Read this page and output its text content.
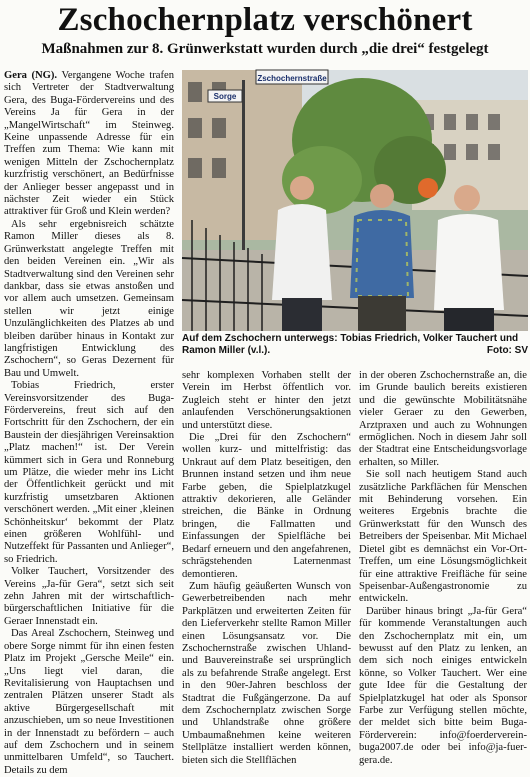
Zschochernplatz verschönert
Maßnahmen zur 8. Grünwerkstatt wurden durch „die drei“ festgelegt

Gera (NG). Vergangene Woche trafen sich Vertreter der Stadtverwaltung Gera, des Buga-Fördervereins und des Vereins Ja für Gera in der „MangelWirtschaft“ im Steinweg. Keine unpassende Adresse für ein Treffen zum Thema: Wie kann mit wenigen Mitteln der Zschochernplatz kurzfristig verschönert, an Bedürfnisse der Anlieger besser angepasst und in nächster Zeit wieder ein Stück attraktiver für Groß und Klein werden?

Als sehr ergebnisreich schätzte Ramon Miller dieses als 8. Grünwerkstatt angelegte Treffen mit den beiden Vereinen ein. „Wir als Stadtverwaltung sind den Vereinen sehr dankbar, dass sie etwas anstoßen und vor allem auch umsetzen. Gemeinsam stellen wir jetzt einige Unzulänglichkeiten des Platzes ab und bleiben darüber hinaus in Kontakt zur langfristigen Entwicklung des Zschochern“, so Geras Dezernent für Bau und Umwelt.

Tobias Friedrich, erster Vereinsvorsitzender des Buga-Fördervereins, freut sich auf den Fortschritt für den Zschochern, der ein Baustein der diesjährigen Vereinsaktion „Platz machen!“ ist. Der Verein kümmert sich in Gera und Ronneburg um Plätze, die wieder mehr ins Licht der Öffentlichkeit gerückt und mit kurzfristig umsetzbaren Aktionen verschönert werden. „Mit einer ‚kleinen Schönheitskur‘ bekommt der Platz einen größeren Wohlfühl- und Nutzeffekt für Passanten und Anlieger“, so Friedrich.

Volker Tauchert, Vorsitzender des Vereins „Ja-für Gera“, setzt sich seit zehn Jahren mit der wirtschaftlich-bürgerschaftlichen Initiative für die Geraer Innenstadt ein.

Das Areal Zschochern, Steinweg und obere Sorge nimmt für ihn einen festen Platz im Projekt „Gersche Meile“ ein. „Uns liegt viel daran, die Revitalisierung von Hauptachsen und zentralen Plätzen unserer Stadt als aktive Bürgergesellschaft mit anzuschieben, um so neue Investitionen in der Innenstadt zu befördern – auch auf dem Zschochern und in seinem unmittelbaren Umfeld“, so Tauchert. Details zu dem

Zschochernstraße
Sorge
Auf dem Zschochern unterwegs: Tobias Friedrich, Volker Tauchert und Ramon Miller (v.l.).	Foto: SV

sehr komplexen Vorhaben stellt der Verein im Herbst öffentlich vor. Zugleich steht er hinter den jetzt anlaufenden Verschönerungsaktionen und unterstützt diese.

Die „Drei für den Zschochern“ wollen kurz- und mittelfristig: das Unkraut auf dem Platz beseitigen, den Brunnen instand setzen und ihm neue Farbe geben, die Spielplatzkugel attraktiv dekorieren, alle Geländer streichen, die Bänke in Ordnung bringen, die Fallmatten und Einfassungen der Spielfläche bei Bedarf erneuern und den angefahrenen, schrägstehenden Laternenmast demontieren.

Zum häufig geäußerten Wunsch von Gewerbetreibenden nach mehr Parkplätzen und erweiterten Zeiten für den Lieferverkehr stellte Ramon Miller einen Lösungsansatz vor. Die Zschochernstraße zwischen Uhland- und Bauvereinstraße sei ursprünglich als zu befahrende Straße angelegt. Erst in den 90er-Jahren beschloss der Stadtrat die Fußgängerzone. Da auf dem Zschochernplatz zwischen Sorge und Uhlandstraße ohne größere Umbaumaßnehmen keine weiteren Stellplätze installiert werden können, bieten sich die Stellflächen

in der oberen Zschochernstraße an, die im Grunde baulich bereits existieren und die gewünschte Mobilitätsnähe vieler Geraer zu den Gewerben, Arztpraxen und auch zu Wohnungen ermöglichen. Noch in diesem Jahr soll der Stadtrat eine Entscheidungsvorlage erhalten, so Miller.

Sie soll nach heutigem Stand auch zusätzliche Parkflächen für Menschen mit Behinderung vorsehen. Ein weiteres Ergebnis brachte die Grünwerkstatt für den Wunsch des Betreibers der Speisenbar. Mit Michael Dietel gibt es demnächst ein Vor-Ort-Treffen, um eine Lösungsmöglichkeit für eine attraktive Freifläche für seine Speisenbar-Außengastronomie zu entwickeln.

Darüber hinaus bringt „Ja-für Gera“ für kommende Veranstaltungen auch den Zschochernplatz mit ein, um bewusst auf den Platz zu lenken, an dem sich noch einiges entwickeln könne, so Volker Tauchert. Wer eine gute Idee für die Gestaltung der Spielplatzkugel hat oder als Sponsor Farbe zur Verfügung stellen möchte, der meldet sich bitte beim Buga-Förderverein: info@foerderverein-buga2007.de oder bei info@ja-fuer-gera.de.
